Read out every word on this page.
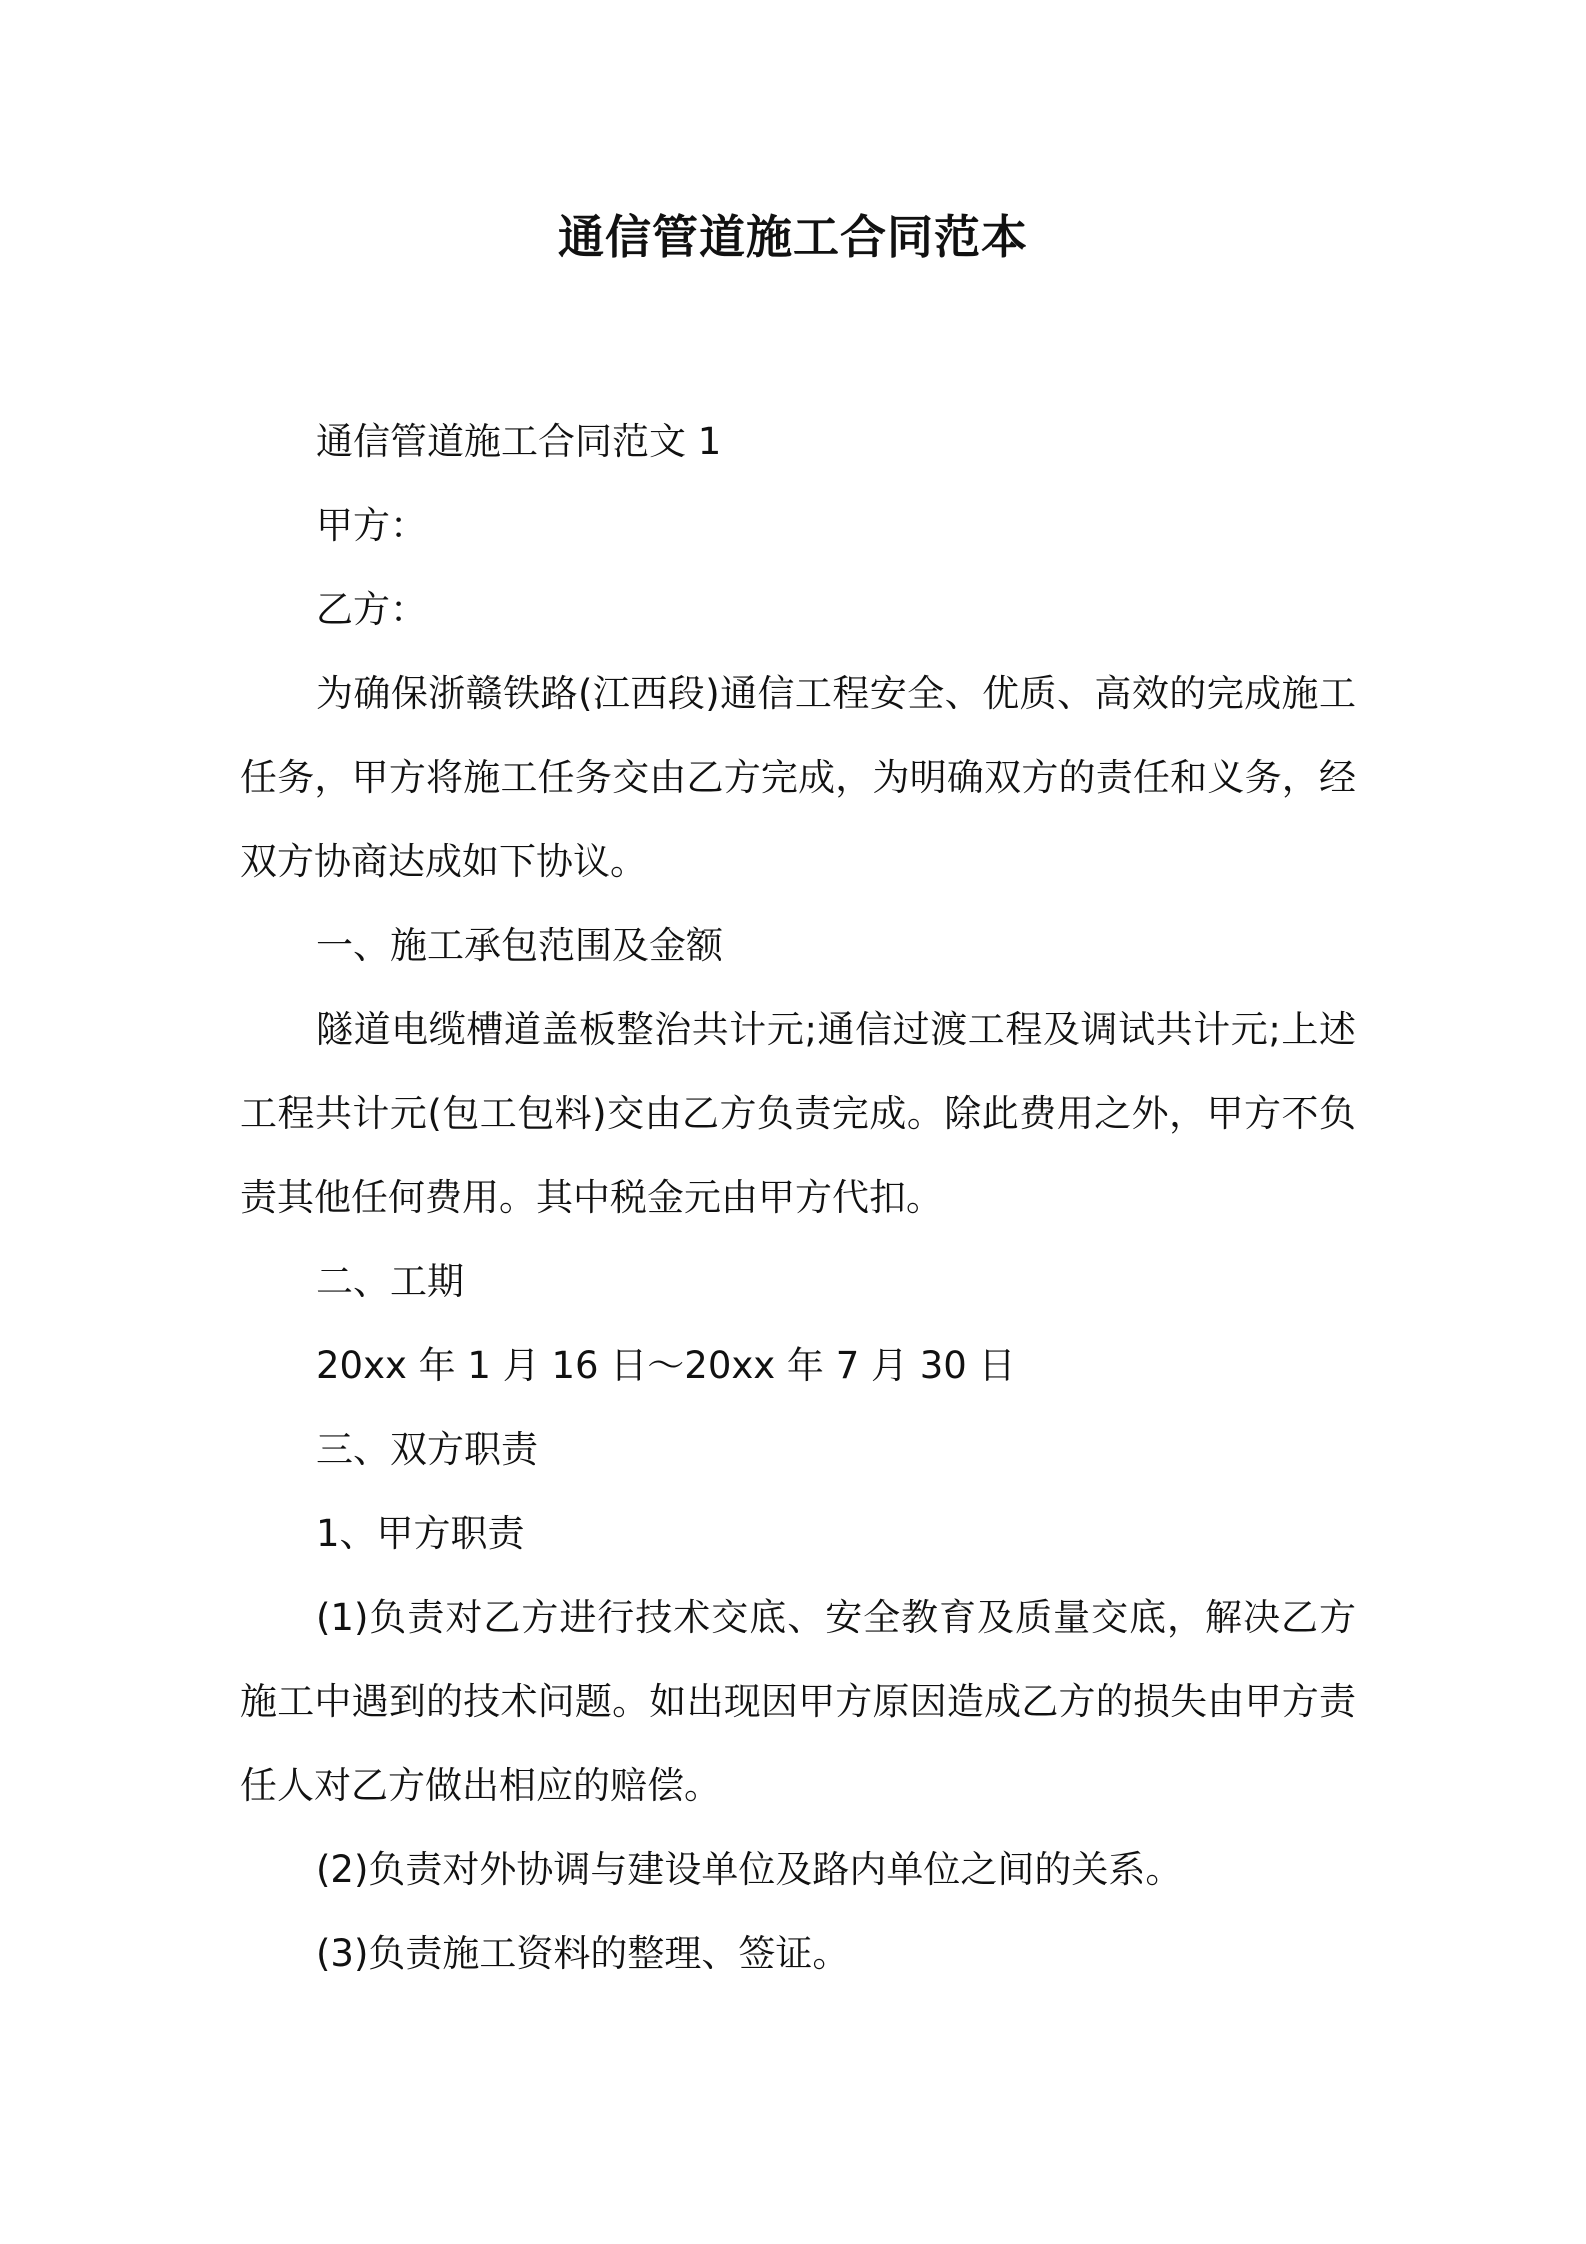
通信管道施工合同范本

通信管道施工合同范文 1

甲方：

乙方：

为确保浙赣铁路(江西段)通信工程安全、优质、高效的完成施工任务，甲方将施工任务交由乙方完成，为明确双方的责任和义务，经双方协商达成如下协议。

一、施工承包范围及金额

隧道电缆槽道盖板整治共计元;通信过渡工程及调试共计元;上述工程共计元(包工包料)交由乙方负责完成。除此费用之外，甲方不负责其他任何费用。其中税金元由甲方代扣。

二、工期

20xx 年 1 月 16 日～20xx 年 7 月 30 日

三、双方职责

1、甲方职责

(1)负责对乙方进行技术交底、安全教育及质量交底，解决乙方施工中遇到的技术问题。如出现因甲方原因造成乙方的损失由甲方责任人对乙方做出相应的赔偿。

(2)负责对外协调与建设单位及路内单位之间的关系。

(3)负责施工资料的整理、签证。
